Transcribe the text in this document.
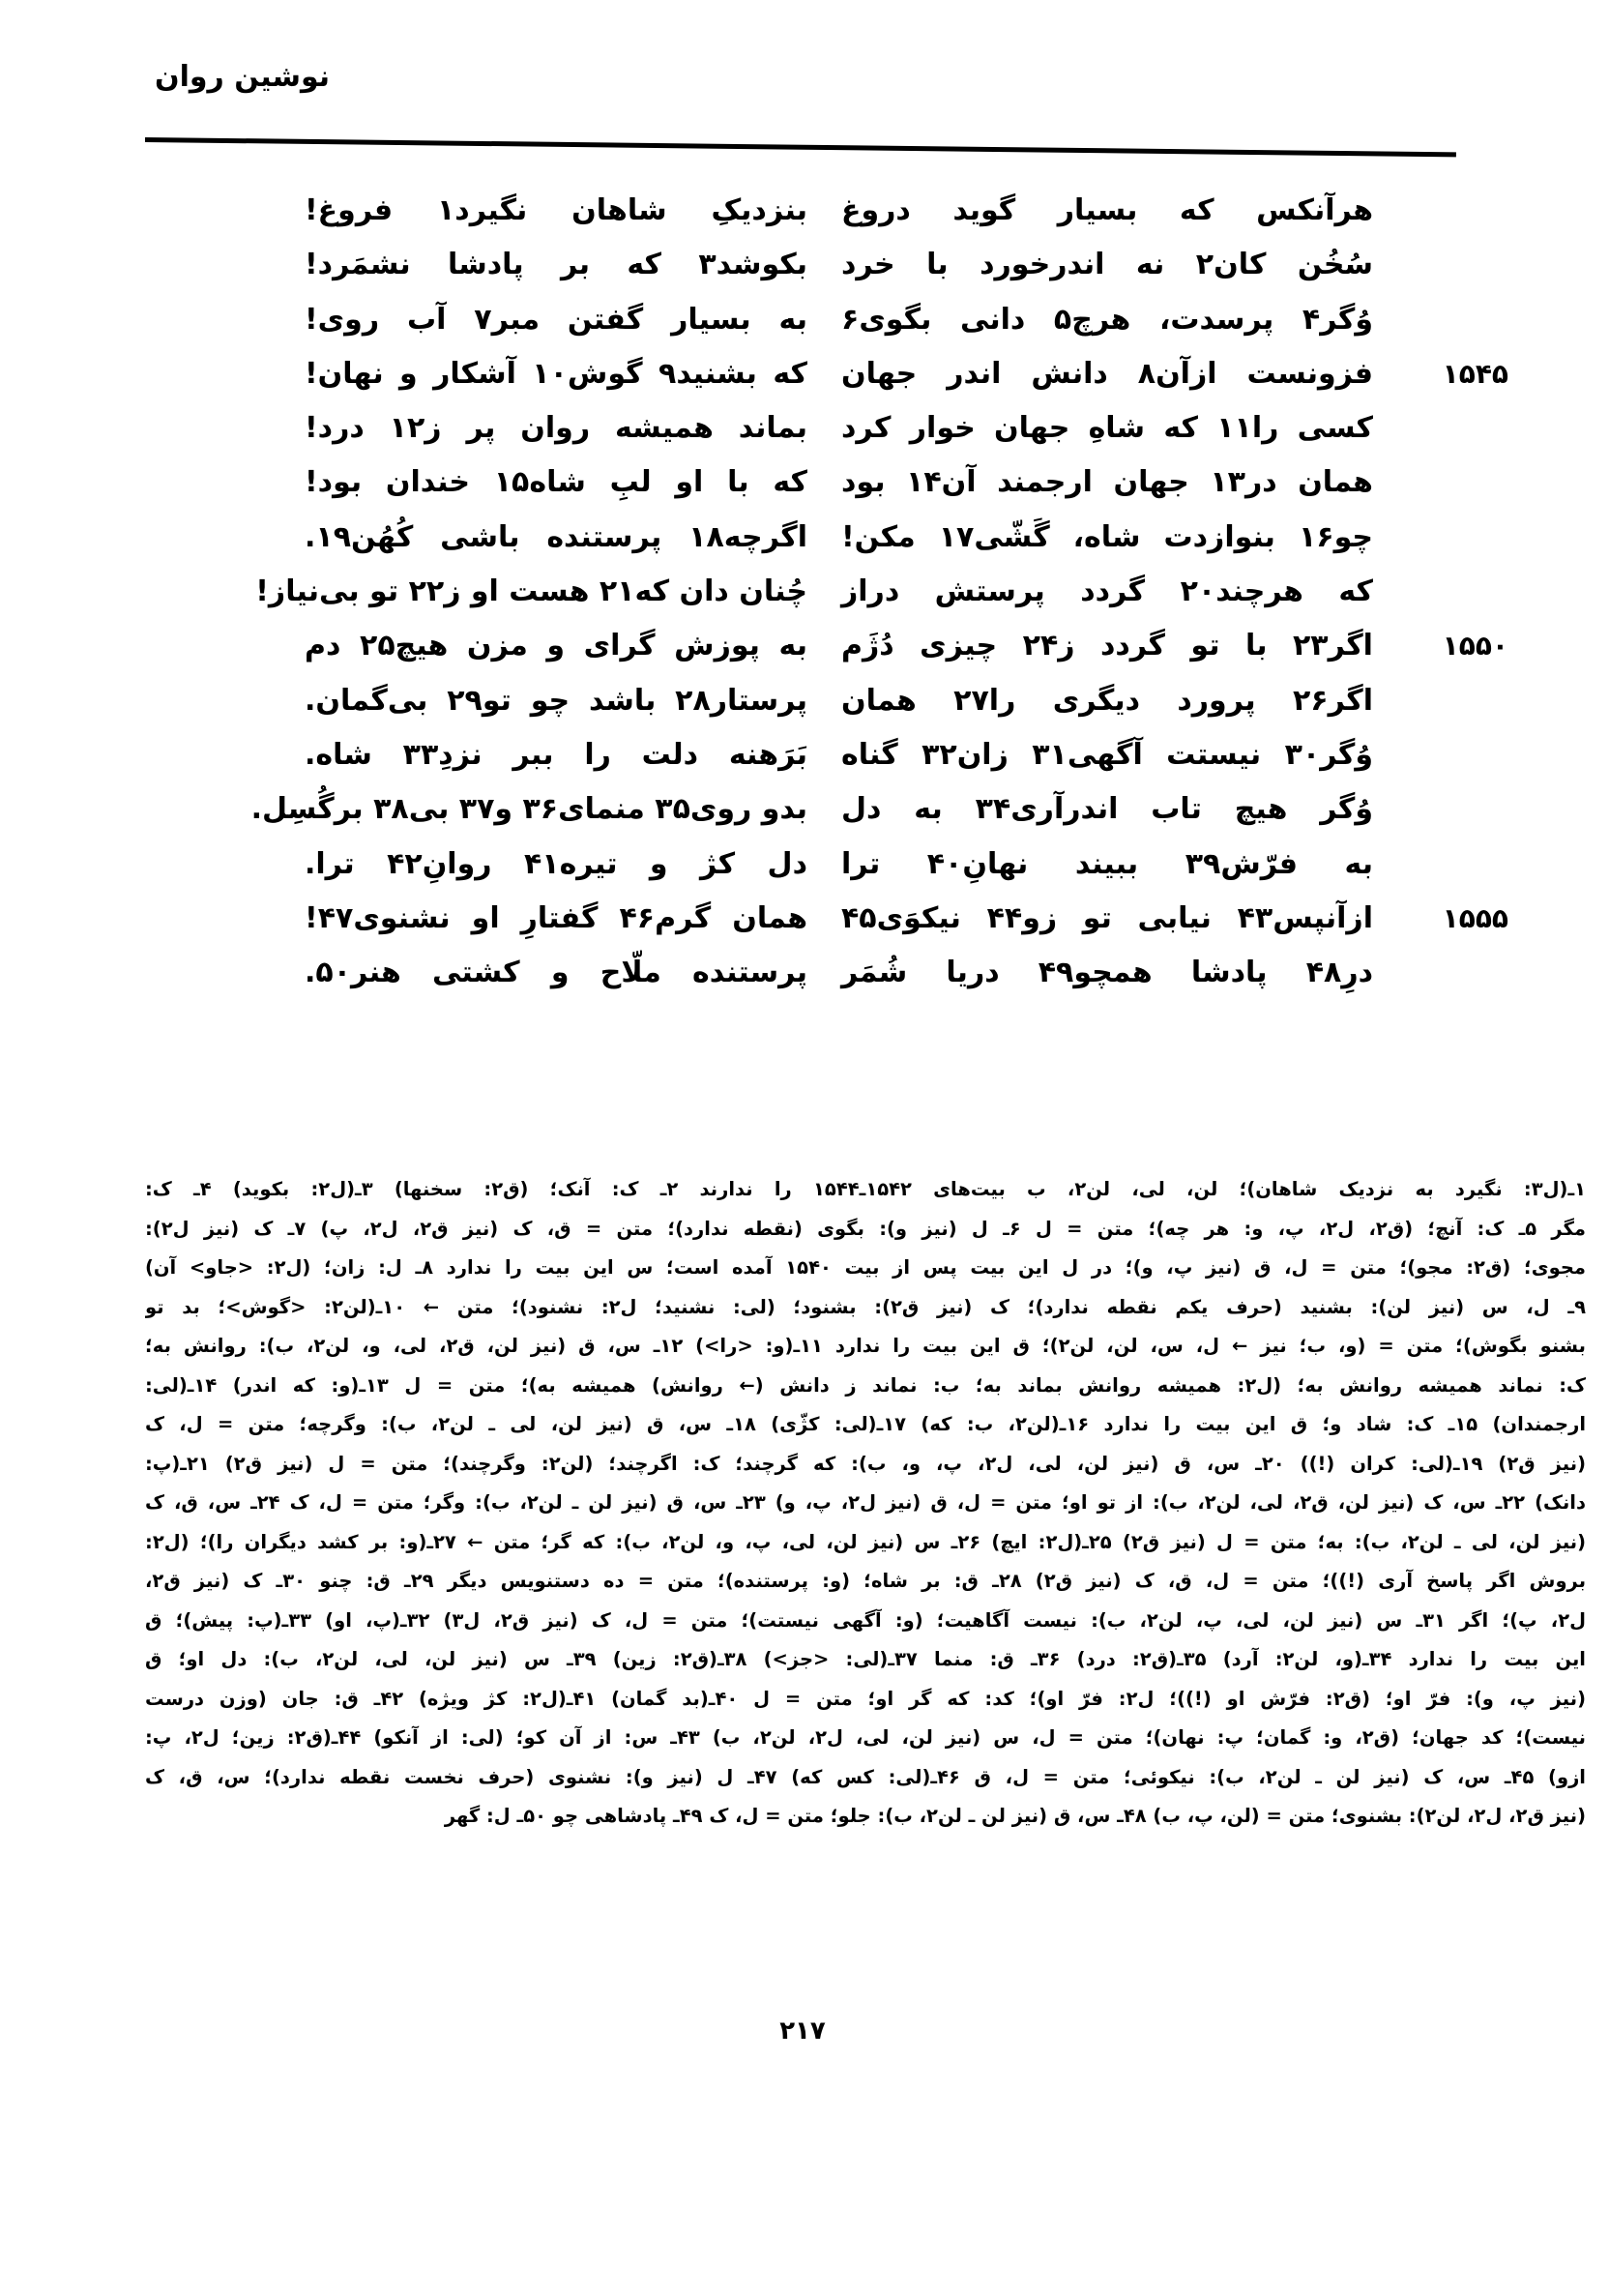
نوشین روان
هرآنکس که بسیار گوید دروغ
سُخُن کان۲ نه اندرخورد با خرد
وُگر۴ پرسدت، هرچ۵ دانی بگوی۶
۱۵۴۵
فزونست ازآن۸ دانش اندر جهان
کسی را۱۱ که شاهِ جهان خوار کرد
همان در۱۳ جهان ارجمند آن۱۴ بود
چو۱۶ بنوازدت شاه، گَشّی۱۷ مکن!
که هرچند۲۰ گردد پرستش دراز
۱۵۵۰
اگر۲۳ با تو گردد ز۲۴ چیزی دُژَم
اگر۲۶ پرورد دیگری را۲۷ همان
وُگر۳۰ نیستت آگهی۳۱ زان۳۲ گناه
وُگر هیچ تاب اندرآری۳۴ به دل
به فرّش۳۹ ببیند نهانِ۴۰ ترا
۱۵۵۵
ازآنپس۴۳ نیابی تو زو۴۴ نیکوَی۴۵
درِ۴۸ پادشا همچو۴۹ دریا شُمَر
بنزدیکِ شاهان نگیرد۱ فروغ!
بکوشد۳ که بر پادشا نشمَرد!
به بسیار گفتن مبر۷ آب روی!
که بشنید۹ گوش۱۰ آشکار و نهان!
بماند همیشه روان پر ز۱۲ درد!
که با او لبِ شاه۱۵ خندان بود!
اگرچه۱۸ پرستنده باشی کُهُن۱۹.
چُنان دان که۲۱ هست او ز۲۲ تو بی‌نیاز!
به پوزش گرای و مزن هیچ۲۵ دم
پرستار۲۸ باشد چو تو۲۹ بی‌گمان.
بَرَهنه دلت را ببر نزدِ۳۳ شاه.
بدو روی۳۵ منمای۳۶ و۳۷ بی۳۸ برگُسِل.
دل کژ و تیره۴۱ روانِ۴۲ ترا.
همان گرم۴۶ گفتارِ او نشنوی۴۷!
پرستنده ملّاح و کشتی هنر۵۰.
۱ـ(ل۳: نگیرد به نزدیک شاهان)؛ لن، لی، لن۲، ب بیت‌های ۱۵۴۲ـ۱۵۴۴ را ندارند ۲ـ ک: آنک؛ (ق۲: سخنها) ۳ـ(ل۲: بکوید) ۴ـ ک:
مگر ۵ـ ک: آنچ؛ (ق۲، ل۲، پ، و: هر چه)؛ متن = ل ۶ـ ل (نیز و): بگوی (نقطه ندارد)؛ متن = ق، ک (نیز ق۲، ل۲، پ) ۷ـ ک (نیز ل۲):
مجوی؛ (ق۲: مجو)؛ متن = ل، ق (نیز پ، و)؛ در ل این بیت پس از بیت ۱۵۴۰ آمده است؛ س این بیت را ندارد ۸ـ ل: زان؛ (ل۲: <جاو> آن)
۹ـ ل، س (نیز لن): بشنید (حرف یکم نقطه ندارد)؛ ک (نیز ق۲): بشنود؛ (لی: نشنید؛ ل۲: نشنود)؛ متن ← ۱۰ـ(لن۲: <گوش>؛ بد تو
بشنو بگوش)؛ متن = (و، ب؛ نیز ← ل، س، لن، لن۲)؛ ق این بیت را ندارد ۱۱ـ(و: <را>) ۱۲ـ س، ق (نیز لن، ق۲، لی، و، لن۲، ب): روانش به؛
ک: نماند همیشه روانش به؛ (ل۲: همیشه روانش بماند به؛ ب: نماند ز دانش (← روانش) همیشه به)؛ متن = ل ۱۳ـ(و: که اندر) ۱۴ـ(لی:
ارجمندان) ۱۵ـ ک: شاد و؛ ق این بیت را ندارد ۱۶ـ(لن۲، ب: که) ۱۷ـ(لی: کژّی) ۱۸ـ س، ق (نیز لن، لی ـ لن۲، ب): وگرچه؛ متن = ل، ک
(نیز ق۲) ۱۹ـ(لی: کران (!)) ۲۰ـ س، ق (نیز لن، لی، ل۲، پ، و، ب): که گرچند؛ ک: اگرچند؛ (لن۲: وگرچند)؛ متن = ل (نیز ق۲) ۲۱ـ(پ:
دانک) ۲۲ـ س، ک (نیز لن، ق۲، لی، لن۲، ب): از تو او؛ متن = ل، ق (نیز ل۲، پ، و) ۲۳ـ س، ق (نیز لن ـ لن۲، ب): وگر؛ متن = ل، ک ۲۴ـ س، ق، ک
(نیز لن، لی ـ لن۲، ب): به؛ متن = ل (نیز ق۲) ۲۵ـ(ل۲: ایچ) ۲۶ـ س (نیز لن، لی، پ، و، لن۲، ب): که گر؛ متن ← ۲۷ـ(و: بر کشد دیگران را)؛ (ل۲:
بروش اگر پاسخ آری (!))؛ متن = ل، ق، ک (نیز ق۲) ۲۸ـ ق: بر شاه؛ (و: پرستنده)؛ متن = ده دستنویس دیگر ۲۹ـ ق: چنو ۳۰ـ ک (نیز ق۲،
ل۲، پ)؛ اگر ۳۱ـ س (نیز لن، لی، پ، لن۲، ب): نیست آگاهیت؛ (و: آگهی نیستت)؛ متن = ل، ک (نیز ق۲، ل۳) ۳۲ـ(پ، او) ۳۳ـ(پ: پیش)؛ ق
این بیت را ندارد ۳۴ـ(و، لن۲: آرد) ۳۵ـ(ق۲: درد) ۳۶ـ ق: منما ۳۷ـ(لی: <جز>) ۳۸ـ(ق۲: زین) ۳۹ـ س (نیز لن، لی، لن۲، ب): دل او؛ ق
(نیز پ، و): فرّ او؛ (ق۲: فرّش او (!))؛ ل۲: فرّ او)؛ کد: که گر او؛ متن = ل ۴۰ـ(بد گمان) ۴۱ـ(ل۲: کژ ویژه) ۴۲ـ ق: جان (وزن درست
نیست)؛ کد جهان؛ (ق۲، و: گمان؛ پ: نهان)؛ متن = ل، س (نیز لن، لی، ل۲، لن۲، ب) ۴۳ـ س: از آن کو؛ (لی: از آنکو) ۴۴ـ(ق۲: زین؛ ل۲، پ:
ازو) ۴۵ـ س، ک (نیز لن ـ لن۲، ب): نیکوئی؛ متن = ل، ق ۴۶ـ(لی: کس که) ۴۷ـ ل (نیز و): نشنوی (حرف نخست نقطه ندارد)؛ س، ق، ک
(نیز ق۲، ل۲، لن۲): بشنوی؛ متن = (لن، پ، ب) ۴۸ـ س، ق (نیز لن ـ لن۲، ب): جلو؛ متن = ل، ک ۴۹ـ پادشاهی چو ۵۰ـ ل: گهر
۲۱۷
